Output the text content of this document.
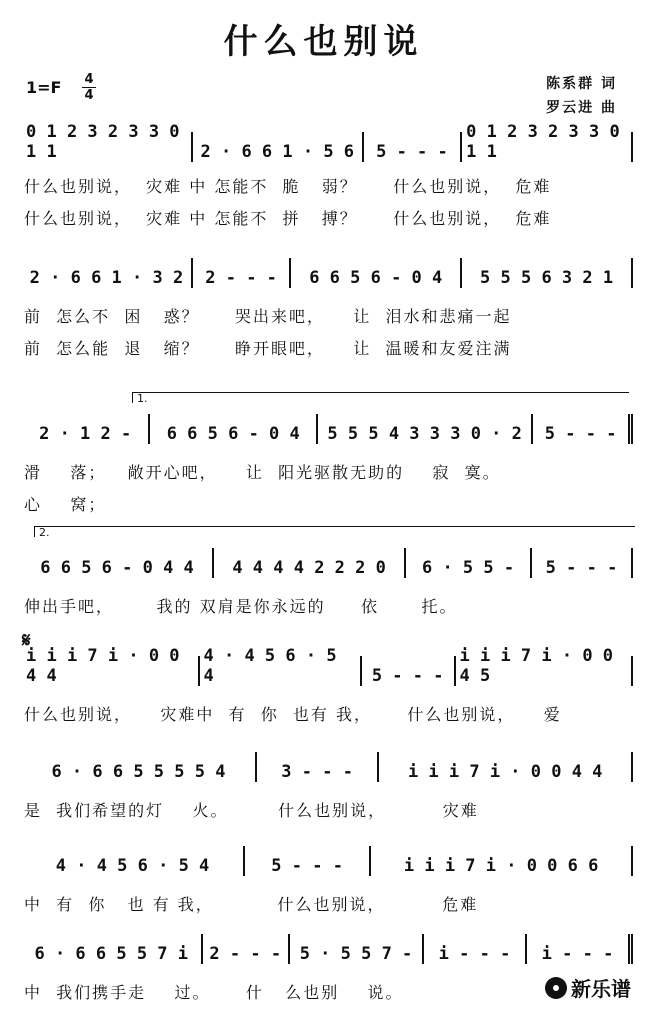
什么也别说
$1=F \frac{4}{4}$	陈系群 词
罗云进 曲
0 1 2 3 2 3 3 0 1 1	2 · 6 6 1 · 5 6	5 - - -
0 1 2 3 2 3 3 0 1 1
什么也别说，  灾难 中 怎能不  脆   弱？     什么也别说，  危难
什么也别说，  灾难 中 怎能不  拼   搏？     什么也别说，  危难
2 · 6 6 1 · 3 2	2 - - -	6 6 5 6 - 0 4	5 5 5 6 3 2 1
前  怎么不  困   惑？     哭出来吧，    让  泪水和悲痛一起
前  怎么能  退   缩？     睁开眼吧，    让  温暖和友爱注满
1.
2 · 1 2 -	6 6 5 6 - 0 4	5 5 5 4 3 3 3 0 · 2	5 - - -
滑    落；   敞开心吧，    让  阳光驱散无助的    寂  寞。
心    窝；
2.
6 6 5 6 - 0 4 4	4 4 4 4 2 2 2 0	6 · 5 5 -	5 - - -
伸出手吧，      我的 双肩是你永远的     依      托。
𝄋
i i i 7 i · 0 0 4 4
4 · 4 5 6 · 5 4	5 - - -
i i i 7 i · 0 0 4 5
什么也别说，    灾难中  有  你  也有 我，     什么也别说，    爱
6 · 6 6 5 5 5 5 4	3 - - -	i i i 7 i · 0 0 4 4
是  我们希望的灯    火。       什么也别说，        灾难
4 · 4 5 6 · 5 4	5 - - -	i i i 7 i · 0 0 6 6
中  有  你   也 有 我，         什么也别说，        危难
6 · 6 6 5 5 7 i	2 - - -	5 · 5 5 7 -	i - - -	i - - -
中  我们携手走    过。     什   么也别    说。	新乐谱
